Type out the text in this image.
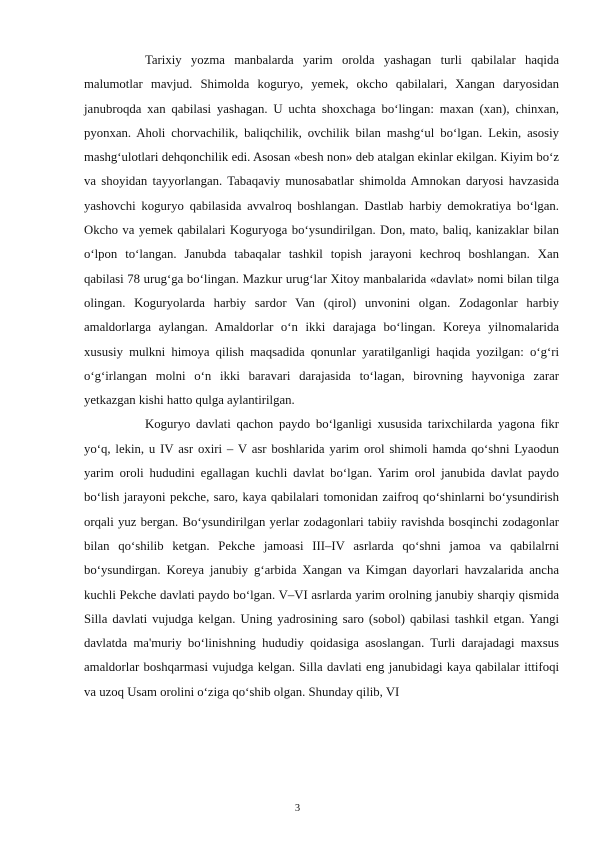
Tarixiy yozma manbalarda yarim orolda yashagan turli qabilalar haqida malumotlar mavjud. Shimolda koguryo, yemek, okcho qabilalari, Xangan daryosidan janubroqda xan qabilasi yashagan. U uchta shoxchaga bo‘lingan: maxan (xan), chinxan, pyonxan. Aholi chorvachilik, baliqchilik, ovchilik bilan mashg‘ul bo‘lgan. Lekin, asosiy mashg‘ulotlari dehqonchilik edi. Asosan «besh non» deb atalgan ekinlar ekilgan. Kiyim bo‘z va shoyidan tayyorlangan. Tabaqaviy munosabatlar shimolda Amnokan daryosi havzasida yashovchi koguryo qabilasida avvalroq boshlangan. Dastlab harbiy demokratiya bo‘lgan. Okcho va yemek qabilalari Koguryoga bo‘ysundirilgan. Don, mato, baliq, kanizaklar bilan o‘lpon to‘langan. Janubda tabaqalar tashkil topish jarayoni kechroq boshlangan. Xan qabilasi 78 urug‘ga bo‘lingan. Mazkur urug‘lar Xitoy manbalarida «davlat» nomi bilan tilga olingan. Koguryolarda harbiy sardor Van (qirol) unvonini olgan. Zodagonlar harbiy amaldorlarga aylangan. Amaldorlar o‘n ikki darajaga bo‘lingan. Koreya yilnomalarida xususiy mulkni himoya qilish maqsadida qonunlar yaratilganligi haqida yozilgan: o‘g‘ri o‘g‘irlangan molni o‘n ikki baravari darajasida to‘lagan, birovning hayvoniga zarar yetkazgan kishi hatto qulga aylantirilgan.

Koguryo davlati qachon paydo bo‘lganligi xususida tarixchilarda yagona fikr yo‘q, lekin, u IV asr oxiri – V asr boshlarida yarim orol shimoli hamda qo‘shni Lyaodun yarim oroli hududini egallagan kuchli davlat bo‘lgan. Yarim orol janubida davlat paydo bo‘lish jarayoni pekche, saro, kaya qabilalari tomonidan zaifroq qo‘shinlarni bo‘ysundirish orqali yuz bergan. Bo‘ysundirilgan yerlar zodagonlari tabiiy ravishda bosqinchi zodagonlar bilan qo‘shilib ketgan. Pekche jamoasi III–IV asrlarda qo‘shni jamoa va qabilalrni bo‘ysundirgan. Koreya janubiy g‘arbida Xangan va Kimgan dayorlari havzalarida ancha kuchli Pekche davlati paydo bo‘lgan. V–VI asrlarda yarim orolning janubiy sharqiy qismida Silla davlati vujudga kelgan. Uning yadrosining saro (sobol) qabilasi tashkil etgan. Yangi davlatda ma'muriy bo‘linishning hududiy qoidasiga asoslangan. Turli darajadagi maxsus amaldorlar boshqarmasi vujudga kelgan. Silla davlati eng janubidagi kaya qabilalar ittifoqi va uzoq Usam orolini o‘ziga qo‘shib olgan. Shunday qilib, VI

3
